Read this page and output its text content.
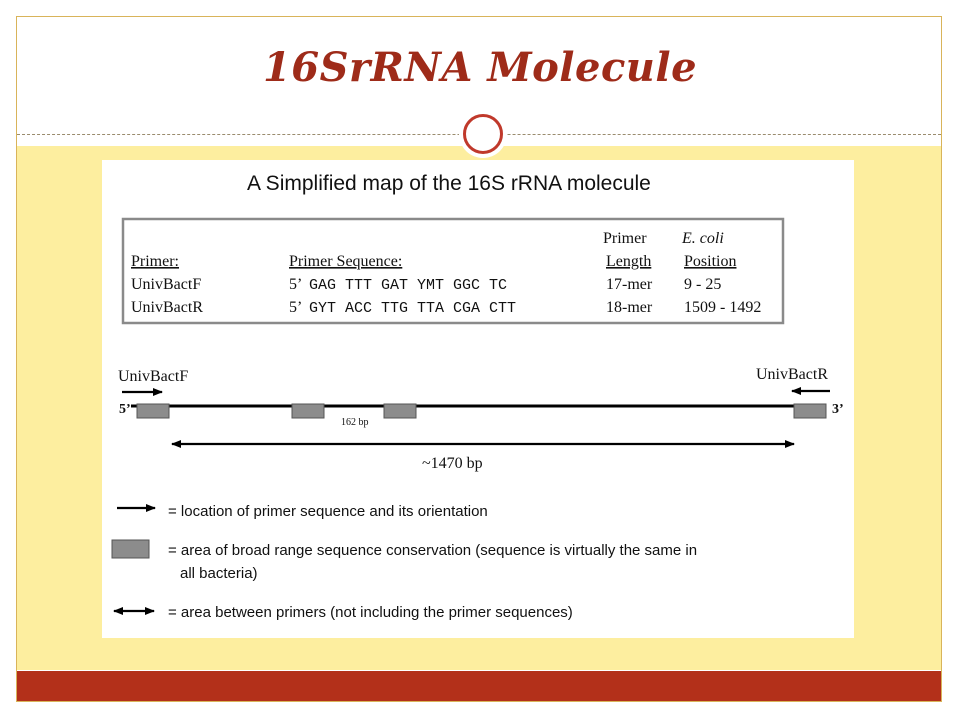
16SrRNA Molecule
A Simplified map of the 16S rRNA molecule
Primer E. coli
Primer:	Primer Sequence:	Length Position
UnivBactF	5’ GAG TTT GAT YMT GGC TC	17-mer 9 - 25
UnivBactR	5’ GYT ACC TTG TTA CGA CTT	18-mer 1509 - 1492
UnivBactF	UnivBactR
5’	3’
162 bp
~1470 bp
= location of primer sequence and its orientation
= area of broad range sequence conservation (sequence is virtually the same in
all bacteria)
= area between primers (not including the primer sequences)
